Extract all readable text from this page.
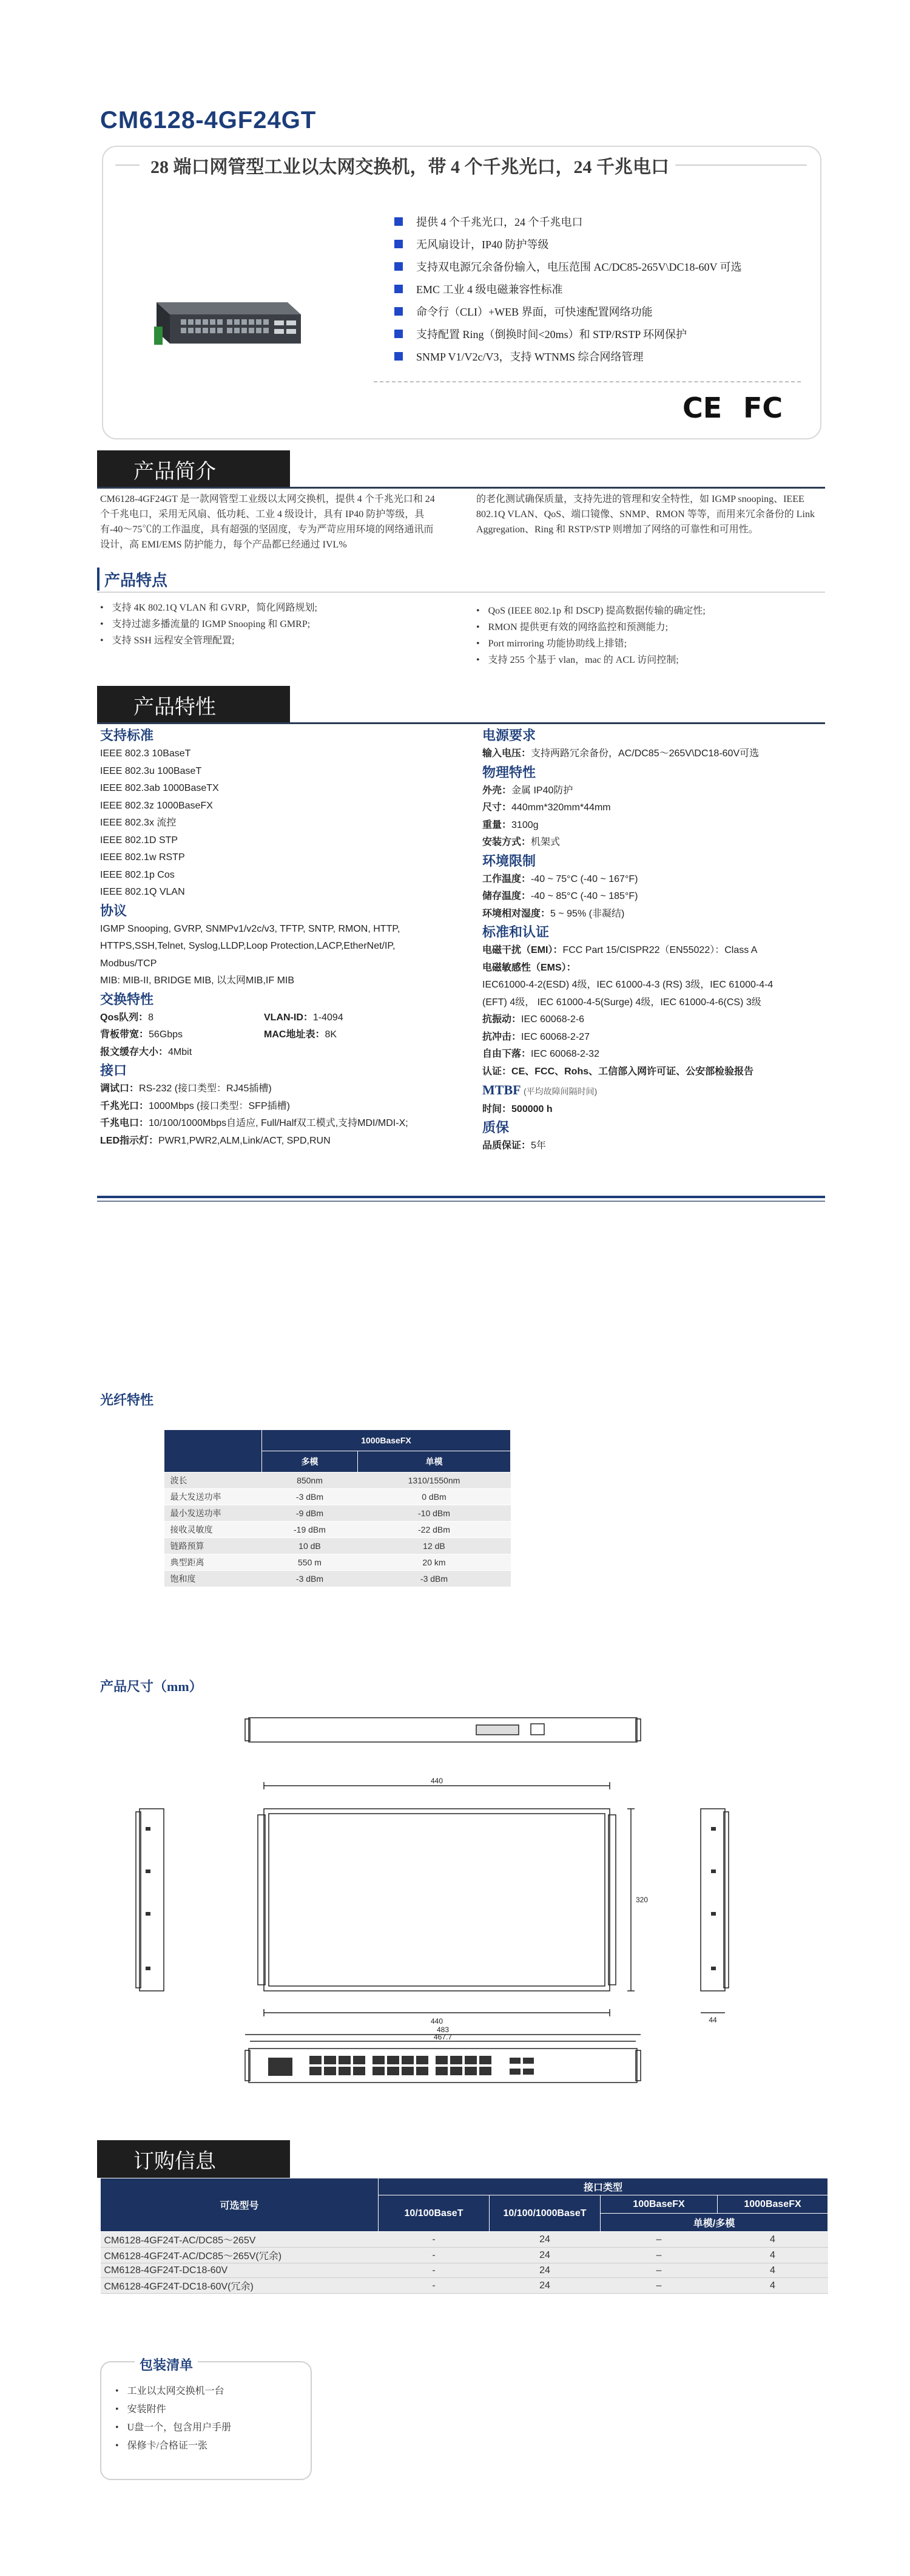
CM6128-4GF24GT
28 端口网管型工业以太网交换机，带 4 个千兆光口，24 千兆电口
提供 4 个千兆光口，24 个千兆电口
无风扇设计，IP40 防护等级
支持双电源冗余备份输入，电压范围 AC/DC85-265V\DC18-60V 可选
EMC 工业 4 级电磁兼容性标准
命令行（CLI）+WEB 界面，可快速配置网络功能
支持配置 Ring（倒换时间<20ms）和 STP/RSTP 环网保护
SNMP V1/V2c/V3，支持 WTNMS 综合网络管理
CE FC
产品简介
CM6128-4GF24GT 是一款网管型工业级以太网交换机，提供 4 个千兆光口和 24 个千兆电口，采用无风扇、低功耗、工业 4 级设计，具有 IP40 防护等级，具有-40～75℃的工作温度，具有超强的坚固度，专为严苛应用环境的网络通讯而设计，高 EMI/EMS 防护能力，每个产品都已经通过 IVL%
的老化测试确保质量，支持先进的管理和安全特性，如 IGMP snooping、IEEE 802.1Q VLAN、QoS、端口镜像、SNMP、RMON 等等，而用来冗余备份的 Link Aggregation、Ring 和 RSTP/STP 则增加了网络的可靠性和可用性。
产品特点
• 支持 4K 802.1Q VLAN 和 GVRP，简化网路规划;
• 支持过滤多播流量的 IGMP Snooping 和 GMRP;
• 支持 SSH 远程安全管理配置;
• QoS (IEEE 802.1p 和 DSCP) 提高数据传输的确定性;
• RMON 提供更有效的网络监控和预测能力;
• Port mirroring 功能协助线上排错;
• 支持 255 个基于 vlan，mac 的 ACL 访问控制;
产品特性
支持标准
IEEE 802.3 10BaseT
IEEE 802.3u 100BaseT
IEEE 802.3ab 1000BaseTX
IEEE 802.3z 1000BaseFX
IEEE 802.3x 流控
IEEE 802.1D STP
IEEE 802.1w RSTP
IEEE 802.1p Cos
IEEE 802.1Q VLAN
协议
IGMP Snooping, GVRP, SNMPv1/v2c/v3, TFTP, SNTP, RMON, HTTP, HTTPS,SSH,Telnet, Syslog,LLDP,Loop Protection,LACP,EtherNet/IP, Modbus/TCP
MIB: MIB-II, BRIDGE MIB, 以太网MIB,IF MIB
交换特性
Qos队列：8	VLAN-ID：1-4094
背板带宽：56Gbps	MAC地址表：8K
报文缓存大小：4Mbit
接口
调试口：RS-232 (接口类型：RJ45插槽)
千兆光口：1000Mbps (接口类型：SFP插槽)
千兆电口：10/100/1000Mbps自适应, Full/Half双工模式,支持MDI/MDI-X;
LED指示灯：PWR1,PWR2,ALM,Link/ACT, SPD,RUN
电源要求
输入电压：支持两路冗余备份，AC/DC85～265V\DC18-60V可选
物理特性
外壳：金属 IP40防护
尺寸：440mm*320mm*44mm
重量：3100g
安装方式：机架式
环境限制
工作温度：-40 ~ 75°C (-40 ~ 167°F)
储存温度：-40 ~ 85°C (-40 ~ 185°F)
环境相对湿度：5 ~ 95% (非凝结)
标准和认证
电磁干扰（EMI）：FCC Part 15/CISPR22（EN55022）：Class A
电磁敏感性（EMS）：
IEC61000-4-2(ESD) 4级，IEC 61000-4-3 (RS) 3级，IEC 61000-4-4
(EFT) 4级， IEC 61000-4-5(Surge) 4级，IEC 61000-4-6(CS) 3级
抗振动：IEC 60068-2-6
抗冲击：IEC 60068-2-27
自由下落：IEC 60068-2-32
认证：CE、FCC、Rohs、工信部入网许可证、公安部检验报告
MTBF (平均故障间隔时间)
时间：500000 h
质保
品质保证：5年
光纤特性
	1000BaseFX	
	多模	单模
波长	850nm	1310/1550nm
最大发送功率	-3 dBm	0 dBm
最小发送功率	-9 dBm	-10 dBm
接收灵敏度	-19 dBm	-22 dBm
链路预算	10 dB	12 dB
典型距离	550 m	20 km
饱和度	-3 dBm	-3 dBm
产品尺寸（mm）
440
440
320
483
467.7
44
订购信息
可选型号	接口类型			
	10/100BaseT	10/100/1000BaseT	100BaseFX	1000BaseFX
			单模/多模	
CM6128-4GF24T-AC/DC85～265V	-	24	–	4
CM6128-4GF24T-AC/DC85～265V(冗余)	-	24	–	4
CM6128-4GF24T-DC18-60V	-	24	–	4
CM6128-4GF24T-DC18-60V(冗余)	-	24	–	4
包装清单
• 工业以太网交换机一台
• 安装附件
• U盘一个，包含用户手册
• 保修卡/合格证一张
